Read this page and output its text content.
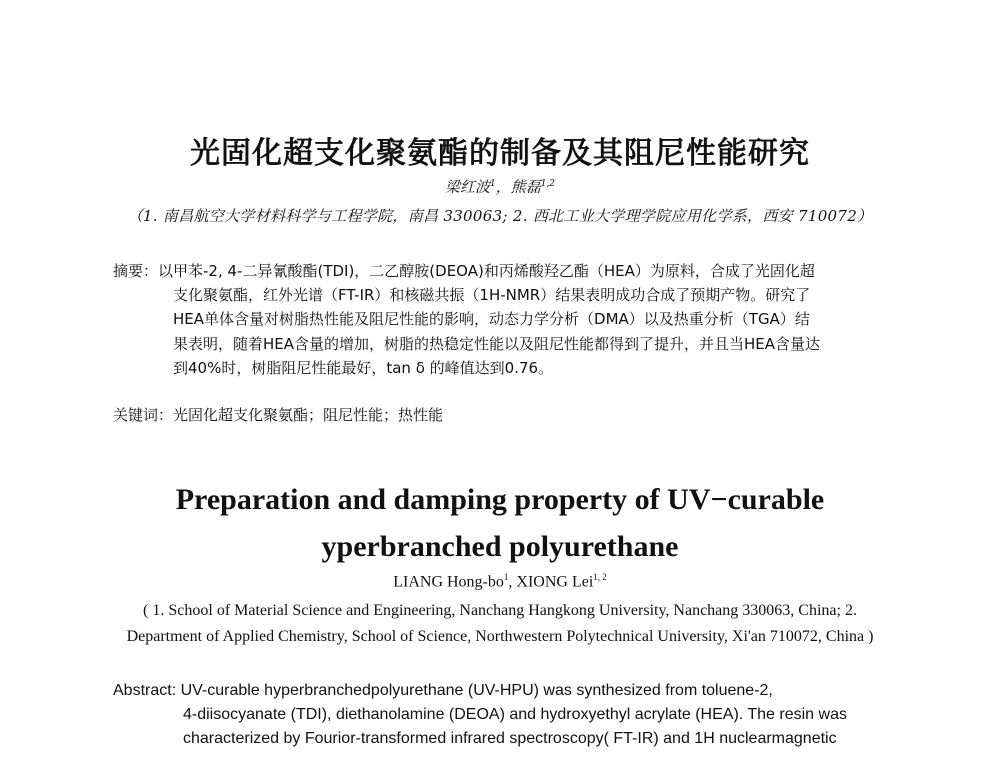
光固化超支化聚氨酯的制备及其阻尼性能研究
梁红波$^1$，熊磊$^{1,2}$
（1. 南昌航空大学材料科学与工程学院，南昌 330063; 2. 西北工业大学理学院应用化学系，西安 710072）
摘要：以甲苯-2, 4-二异氰酸酯(TDI)，二乙醇胺(DEOA)和丙烯酸羟乙酯（HEA）为原料，合成了光固化超
支化聚氨酯，红外光谱（FT-IR）和核磁共振（1H-NMR）结果表明成功合成了预期产物。研究了
HEA单体含量对树脂热性能及阻尼性能的影响，动态力学分析（DMA）以及热重分析（TGA）结
果表明，随着HEA含量的增加，树脂的热稳定性能以及阻尼性能都得到了提升，并且当HEA含量达
到40%时，树脂阻尼性能最好，tan δ 的峰值达到0.76。
关键词：光固化超支化聚氨酯；阻尼性能；热性能
Preparation and damping property of UV−curable
yperbranched polyurethane
LIANG Hong-$bo^1$, XIONG Lei$^{1, 2}$
( 1. School of Material Science and Engineering, Nanchang Hangkong University, Nanchang 330063, China; 2.
Department of Applied Chemistry, School of Science, Northwestern Polytechnical University, Xi'an 710072, China )
Abstract: UV-curable hyperbranchedpolyurethane (UV-HPU) was synthesized from toluene-2,
4-diisocyanate (TDI), diethanolamine (DEOA) and hydroxyethyl acrylate (HEA). The resin was
characterized by Fourior-transformed infrared spectroscopy( FT-IR) and 1H nuclearmagnetic
